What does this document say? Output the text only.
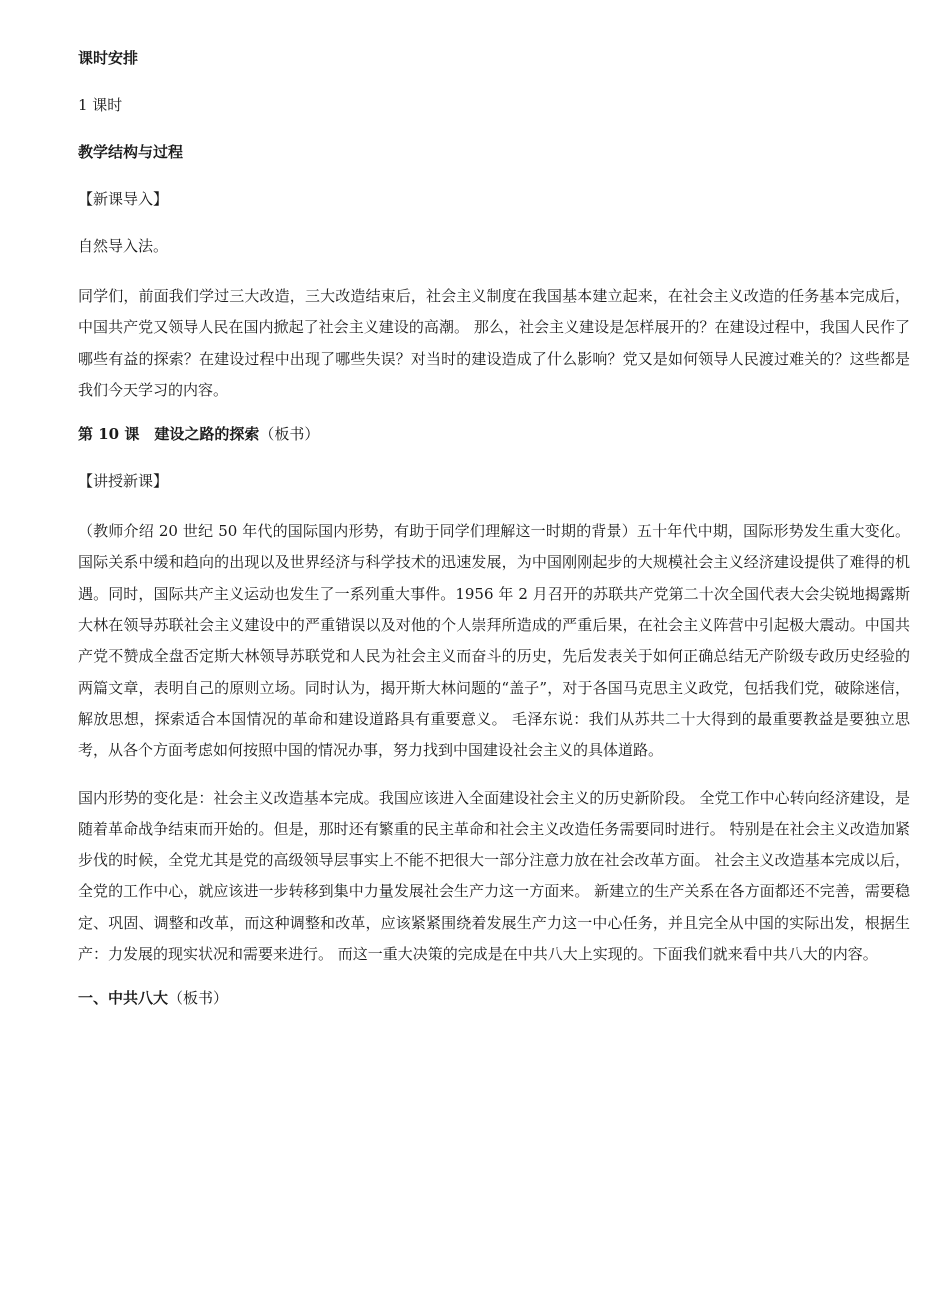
课时安排

1 课时

教学结构与过程

【新课导入】

自然导入法。

同学们，前面我们学过三大改造，三大改造结束后，社会主义制度在我国基本建立起来，在社会主义改造的任务基本完成后，中国共产党又领导人民在国内掀起了社会主义建设的高潮。 那么，社会主义建设是怎样展开的？在建设过程中，我国人民作了哪些有益的探索？在建设过程中出现了哪些失误？对当时的建设造成了什么影响？党又是如何领导人民渡过难关的？这些都是我们今天学习的内容。

第 10 课　建设之路的探索（板书）

【讲授新课】

（教师介绍 20 世纪 50 年代的国际国内形势，有助于同学们理解这一时期的背景）五十年代中期，国际形势发生重大变化。国际关系中缓和趋向的出现以及世界经济与科学技术的迅速发展，为中国刚刚起步的大规模社会主义经济建设提供了难得的机遇。同时，国际共产主义运动也发生了一系列重大事件。1956 年 2 月召开的苏联共产党第二十次全国代表大会尖锐地揭露斯大林在领导苏联社会主义建设中的严重错误以及对他的个人崇拜所造成的严重后果，在社会主义阵营中引起极大震动。中国共产党不赞成全盘否定斯大林领导苏联党和人民为社会主义而奋斗的历史，先后发表关于如何正确总结无产阶级专政历史经验的两篇文章，表明自己的原则立场。同时认为，揭开斯大林问题的“盖子”，对于各国马克思主义政党，包括我们党，破除迷信，解放思想，探索适合本国情况的革命和建设道路具有重要意义。 毛泽东说：我们从苏共二十大得到的最重要教益是要独立思考，从各个方面考虑如何按照中国的情况办事，努力找到中国建设社会主义的具体道路。

国内形势的变化是：社会主义改造基本完成。我国应该进入全面建设社会主义的历史新阶段。 全党工作中心转向经济建设，是随着革命战争结束而开始的。但是，那时还有繁重的民主革命和社会主义改造任务需要同时进行。 特别是在社会主义改造加紧步伐的时候，全党尤其是党的高级领导层事实上不能不把很大一部分注意力放在社会改革方面。 社会主义改造基本完成以后，全党的工作中心，就应该进一步转移到集中力量发展社会生产力这一方面来。 新建立的生产关系在各方面都还不完善，需要稳定、巩固、调整和改革，而这种调整和改革，应该紧紧围绕着发展生产力这一中心任务，并且完全从中国的实际出发，根据生产：力发展的现实状况和需要来进行。 而这一重大决策的完成是在中共八大上实现的。下面我们就来看中共八大的内容。

一、中共八大（板书）
